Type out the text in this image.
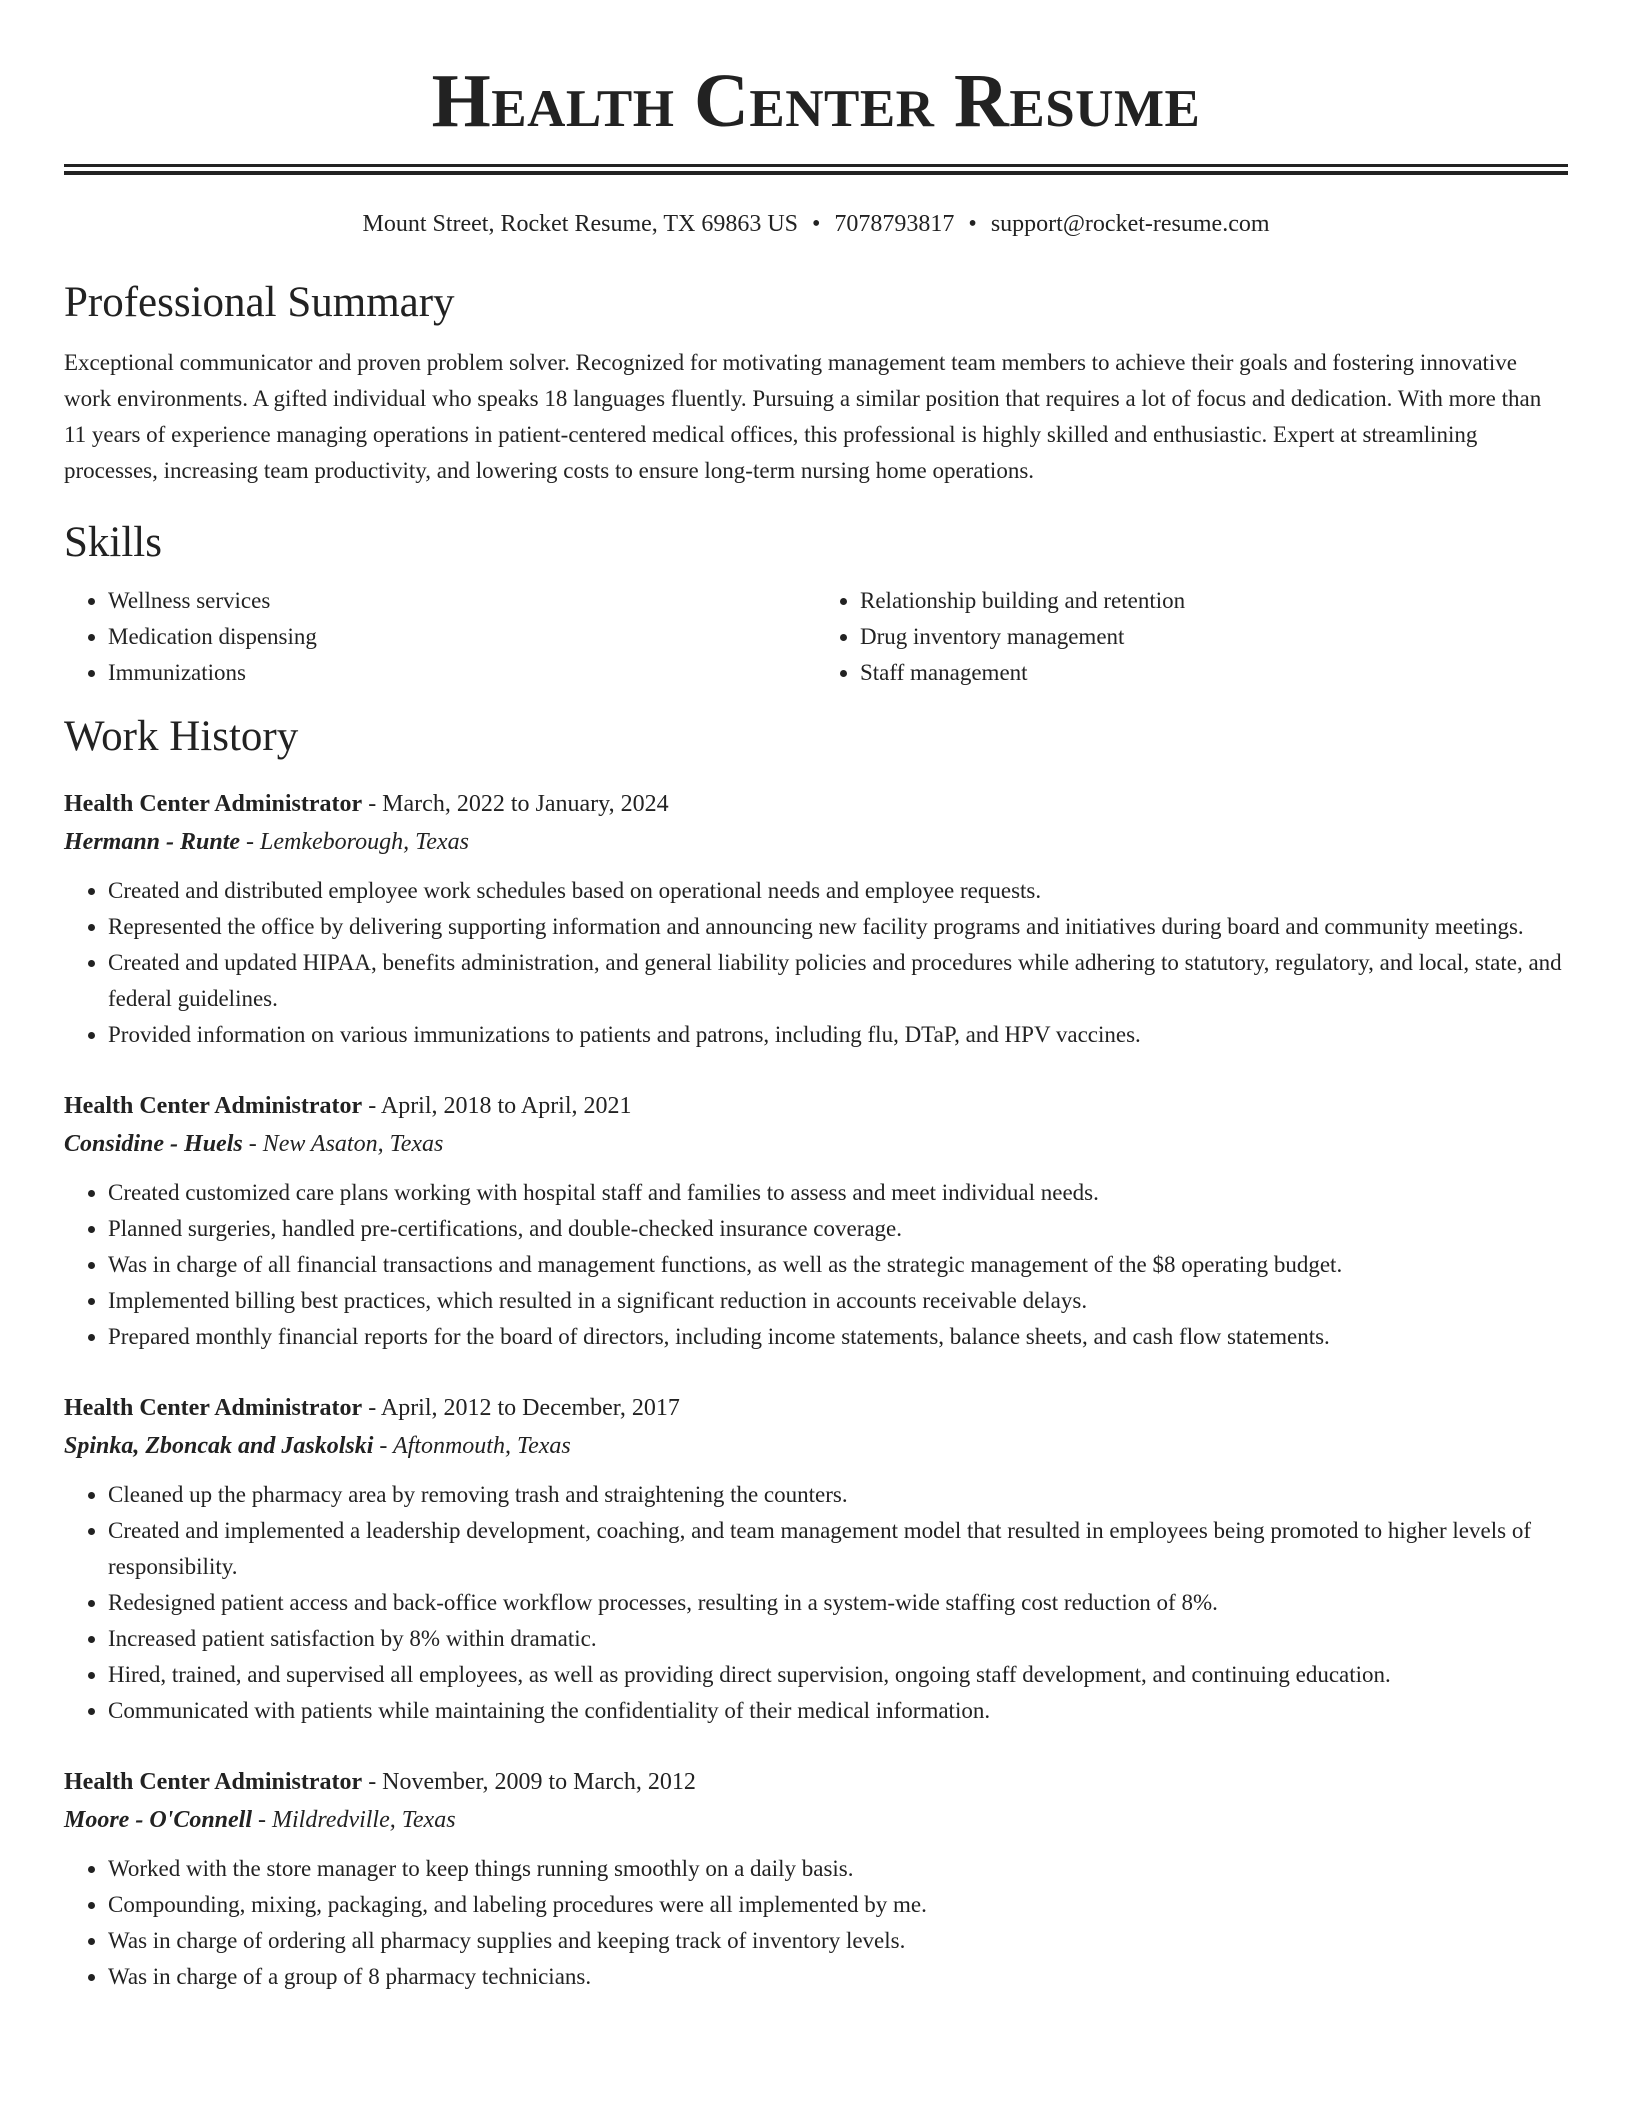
Health Center Resume
Mount Street, Rocket Resume, TX 69863 US • 7078793817 • support@rocket-resume.com
Professional Summary

Exceptional communicator and proven problem solver. Recognized for motivating management team members to achieve their goals and fostering innovative work environments. A gifted individual who speaks 18 languages fluently. Pursuing a similar position that requires a lot of focus and dedication. With more than 11 years of experience managing operations in patient-centered medical offices, this professional is highly skilled and enthusiastic. Expert at streamlining processes, increasing team productivity, and lowering costs to ensure long-term nursing home operations.

Skills
• Wellness services
• Medication dispensing
• Immunizations
• Relationship building and retention
• Drug inventory management
• Staff management
Work History
Health Center Administrator - March, 2022 to January, 2024
Hermann - Runte - Lemkeborough, Texas
• Created and distributed employee work schedules based on operational needs and employee requests.
• Represented the office by delivering supporting information and announcing new facility programs and initiatives during board and community meetings.
• Created and updated HIPAA, benefits administration, and general liability policies and procedures while adhering to statutory, regulatory, and local, state, and federal guidelines.
• Provided information on various immunizations to patients and patrons, including flu, DTaP, and HPV vaccines.
Health Center Administrator - April, 2018 to April, 2021
Considine - Huels - New Asaton, Texas
• Created customized care plans working with hospital staff and families to assess and meet individual needs.
• Planned surgeries, handled pre-certifications, and double-checked insurance coverage.
• Was in charge of all financial transactions and management functions, as well as the strategic management of the $8 operating budget.
• Implemented billing best practices, which resulted in a significant reduction in accounts receivable delays.
• Prepared monthly financial reports for the board of directors, including income statements, balance sheets, and cash flow statements.
Health Center Administrator - April, 2012 to December, 2017
Spinka, Zboncak and Jaskolski - Aftonmouth, Texas
• Cleaned up the pharmacy area by removing trash and straightening the counters.
• Created and implemented a leadership development, coaching, and team management model that resulted in employees being promoted to higher levels of responsibility.
• Redesigned patient access and back-office workflow processes, resulting in a system-wide staffing cost reduction of 8%.
• Increased patient satisfaction by 8% within dramatic.
• Hired, trained, and supervised all employees, as well as providing direct supervision, ongoing staff development, and continuing education.
• Communicated with patients while maintaining the confidentiality of their medical information.
Health Center Administrator - November, 2009 to March, 2012
Moore - O'Connell - Mildredville, Texas
• Worked with the store manager to keep things running smoothly on a daily basis.
• Compounding, mixing, packaging, and labeling procedures were all implemented by me.
• Was in charge of ordering all pharmacy supplies and keeping track of inventory levels.
• Was in charge of a group of 8 pharmacy technicians.
